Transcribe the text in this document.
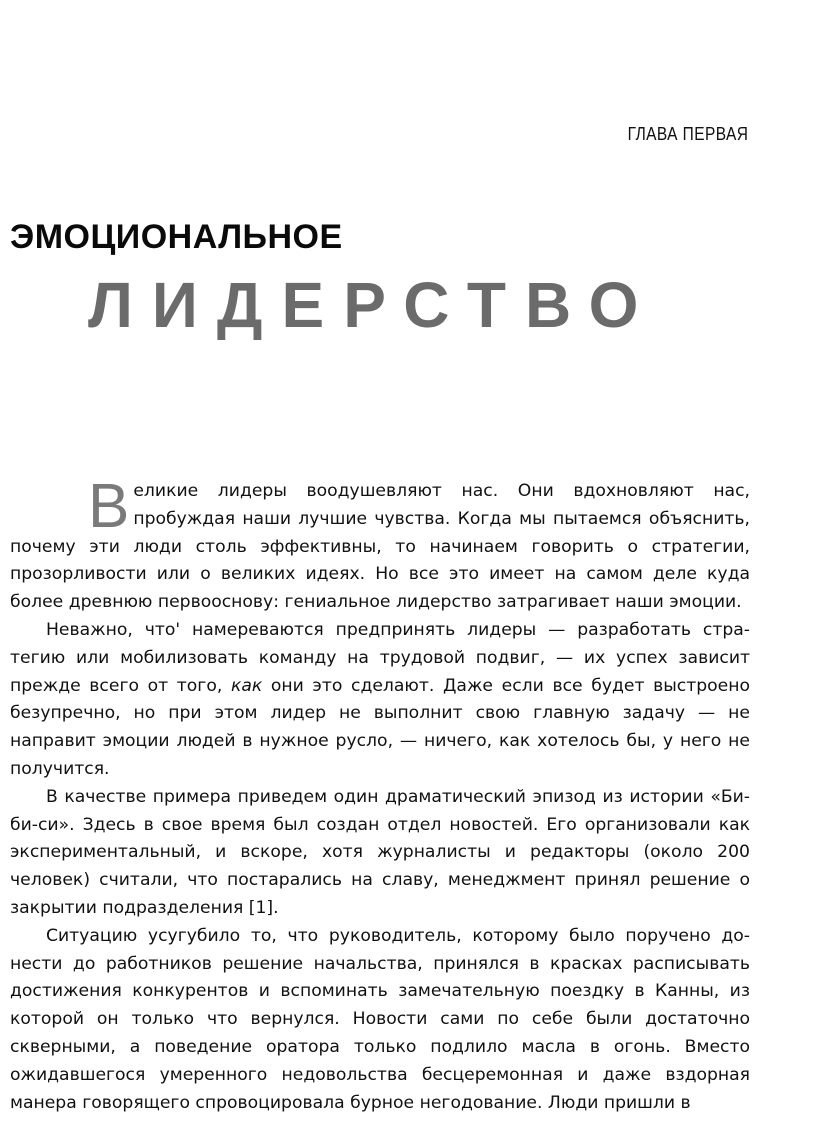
ГЛАВА ПЕРВАЯ
ЭМОЦИОНАЛЬНОЕ
ЛИДЕРСТВО

Великие лидеры воодушевляют нас. Они вдохновляют нас, пробуждая наши лучшие чувства. Когда мы пытаемся объяснить, почему эти люди столь эффективны, то начинаем говорить о стратегии, прозорливости или о великих идеях. Но все это имеет на самом деле куда более древнюю первооснову: гениальное лидерство затрагивает наши эмоции.

Неважно, что' намереваются предпринять лидеры — разработать стратегию или мобилизовать команду на трудовой подвиг, — их успех зависит прежде всего от того, как они это сделают. Даже если все будет выстроено безупречно, но при этом лидер не выполнит свою главную задачу — не направит эмоции людей в нужное русло, — ничего, как хотелось бы, у него не получится.

В качестве примера приведем один драматический эпизод из истории «Би-би-си». Здесь в свое время был создан отдел новостей. Его организовали как экспериментальный, и вскоре, хотя журналисты и редакторы (около 200 человек) считали, что постарались на славу, менеджмент принял решение о закрытии подразделения [1].

Ситуацию усугубило то, что руководитель, которому было поручено донести до работников решение начальства, принялся в красках расписывать достижения конкурентов и вспоминать замечательную поездку в Канны, из которой он только что вернулся. Новости сами по себе были достаточно скверными, а поведение оратора только подлило масла в огонь. Вместо ожидавшегося умеренного недовольства бесцеремонная и даже вздорная манера говорящего спровоцировала бурное негодование. Люди пришли в
